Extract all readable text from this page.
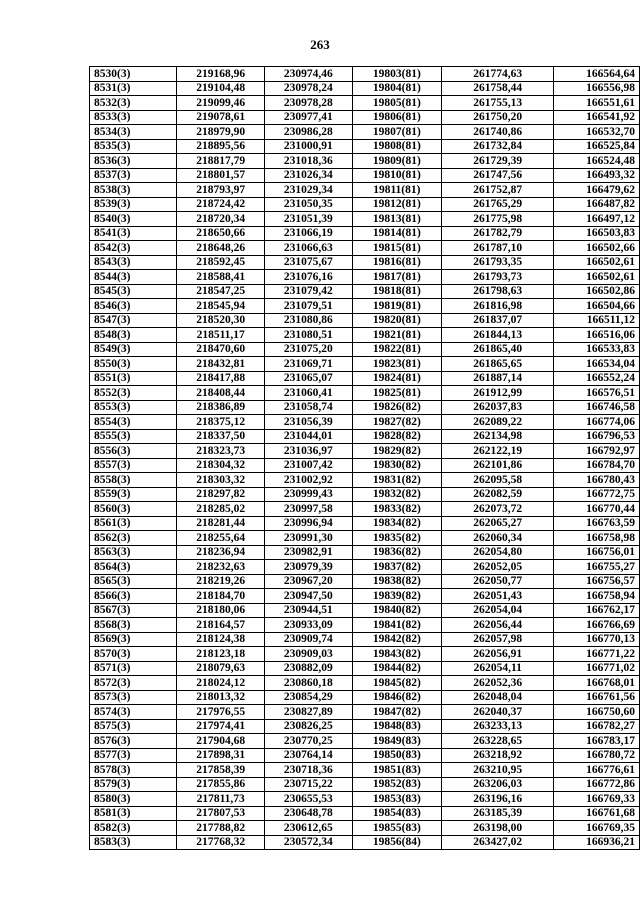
263
8530(3)	219168,96	230974,46	19803(81)	261774,63	166564,64
8531(3)	219104,48	230978,24	19804(81)	261758,44	166556,98
8532(3)	219099,46	230978,28	19805(81)	261755,13	166551,61
8533(3)	219078,61	230977,41	19806(81)	261750,20	166541,92
8534(3)	218979,90	230986,28	19807(81)	261740,86	166532,70
8535(3)	218895,56	231000,91	19808(81)	261732,84	166525,84
8536(3)	218817,79	231018,36	19809(81)	261729,39	166524,48
8537(3)	218801,57	231026,34	19810(81)	261747,56	166493,32
8538(3)	218793,97	231029,34	19811(81)	261752,87	166479,62
8539(3)	218724,42	231050,35	19812(81)	261765,29	166487,82
8540(3)	218720,34	231051,39	19813(81)	261775,98	166497,12
8541(3)	218650,66	231066,19	19814(81)	261782,79	166503,83
8542(3)	218648,26	231066,63	19815(81)	261787,10	166502,66
8543(3)	218592,45	231075,67	19816(81)	261793,35	166502,61
8544(3)	218588,41	231076,16	19817(81)	261793,73	166502,61
8545(3)	218547,25	231079,42	19818(81)	261798,63	166502,86
8546(3)	218545,94	231079,51	19819(81)	261816,98	166504,66
8547(3)	218520,30	231080,86	19820(81)	261837,07	166511,12
8548(3)	218511,17	231080,51	19821(81)	261844,13	166516,06
8549(3)	218470,60	231075,20	19822(81)	261865,40	166533,83
8550(3)	218432,81	231069,71	19823(81)	261865,65	166534,04
8551(3)	218417,88	231065,07	19824(81)	261887,14	166552,24
8552(3)	218408,44	231060,41	19825(81)	261912,99	166576,51
8553(3)	218386,89	231058,74	19826(82)	262037,83	166746,58
8554(3)	218375,12	231056,39	19827(82)	262089,22	166774,06
8555(3)	218337,50	231044,01	19828(82)	262134,98	166796,53
8556(3)	218323,73	231036,97	19829(82)	262122,19	166792,97
8557(3)	218304,32	231007,42	19830(82)	262101,86	166784,70
8558(3)	218303,32	231002,92	19831(82)	262095,58	166780,43
8559(3)	218297,82	230999,43	19832(82)	262082,59	166772,75
8560(3)	218285,02	230997,58	19833(82)	262073,72	166770,44
8561(3)	218281,44	230996,94	19834(82)	262065,27	166763,59
8562(3)	218255,64	230991,30	19835(82)	262060,34	166758,98
8563(3)	218236,94	230982,91	19836(82)	262054,80	166756,01
8564(3)	218232,63	230979,39	19837(82)	262052,05	166755,27
8565(3)	218219,26	230967,20	19838(82)	262050,77	166756,57
8566(3)	218184,70	230947,50	19839(82)	262051,43	166758,94
8567(3)	218180,06	230944,51	19840(82)	262054,04	166762,17
8568(3)	218164,57	230933,09	19841(82)	262056,44	166766,69
8569(3)	218124,38	230909,74	19842(82)	262057,98	166770,13
8570(3)	218123,18	230909,03	19843(82)	262056,91	166771,22
8571(3)	218079,63	230882,09	19844(82)	262054,11	166771,02
8572(3)	218024,12	230860,18	19845(82)	262052,36	166768,01
8573(3)	218013,32	230854,29	19846(82)	262048,04	166761,56
8574(3)	217976,55	230827,89	19847(82)	262040,37	166750,60
8575(3)	217974,41	230826,25	19848(83)	263233,13	166782,27
8576(3)	217904,68	230770,25	19849(83)	263228,65	166783,17
8577(3)	217898,31	230764,14	19850(83)	263218,92	166780,72
8578(3)	217858,39	230718,36	19851(83)	263210,95	166776,61
8579(3)	217855,86	230715,22	19852(83)	263206,03	166772,86
8580(3)	217811,73	230655,53	19853(83)	263196,16	166769,33
8581(3)	217807,53	230648,78	19854(83)	263185,39	166761,68
8582(3)	217788,82	230612,65	19855(83)	263198,00	166769,35
8583(3)	217768,32	230572,34	19856(84)	263427,02	166936,21
